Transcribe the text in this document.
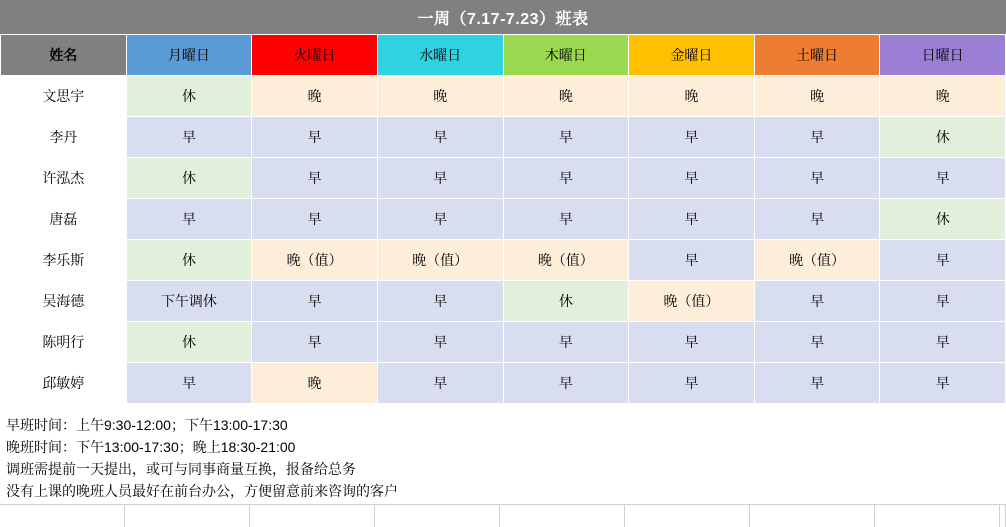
一周（7.17-7.23）班表
姓名	月曜日	火曜日	水曜日	木曜日	金曜日	土曜日	日曜日
文思宇	休	晚	晚	晚	晚	晚	晚
李丹	早	早	早	早	早	早	休
许泓杰	休	早	早	早	早	早	早
唐磊	早	早	早	早	早	早	休
李乐斯	休	晚（值）	晚（值）	晚（值）	早	晚（值）	早
吴海德	下午调休	早	早	休	晚（值）	早	早
陈明行	休	早	早	早	早	早	早
邱敏婷	早	晚	早	早	早	早	早
早班时间：上午9:30-12:00；下午13:00-17:30
晚班时间：下午13:00-17:30；晚上18:30-21:00
调班需提前一天提出，或可与同事商量互换，报备给总务
没有上课的晚班人员最好在前台办公，方便留意前来咨询的客户
